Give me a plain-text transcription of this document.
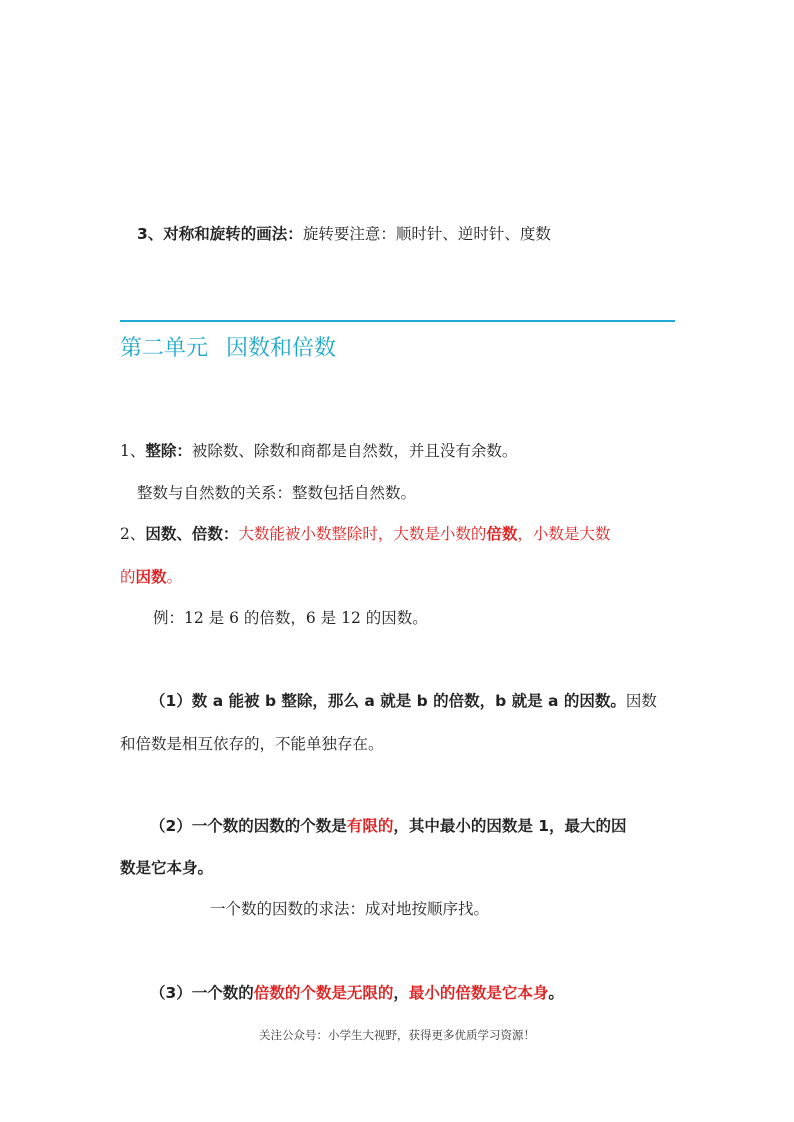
3、对称和旋转的画法：旋转要注意：顺时针、逆时针、度数
第二单元 因数和倍数
1、整除：被除数、除数和商都是自然数，并且没有余数。
整数与自然数的关系：整数包括自然数。
2、因数、倍数：大数能被小数整除时，大数是小数的倍数，小数是大数
的因数。
例：12 是 6 的倍数，6 是 12 的因数。
（1）数 a 能被 b 整除，那么 a 就是 b 的倍数，b 就是 a 的因数。因数
和倍数是相互依存的，不能单独存在。
（2）一个数的因数的个数是有限的，其中最小的因数是 1，最大的因
数是它本身。
一个数的因数的求法：成对地按顺序找。
（3）一个数的倍数的个数是无限的，最小的倍数是它本身。
关注公众号：小学生大视野，获得更多优质学习资源！
